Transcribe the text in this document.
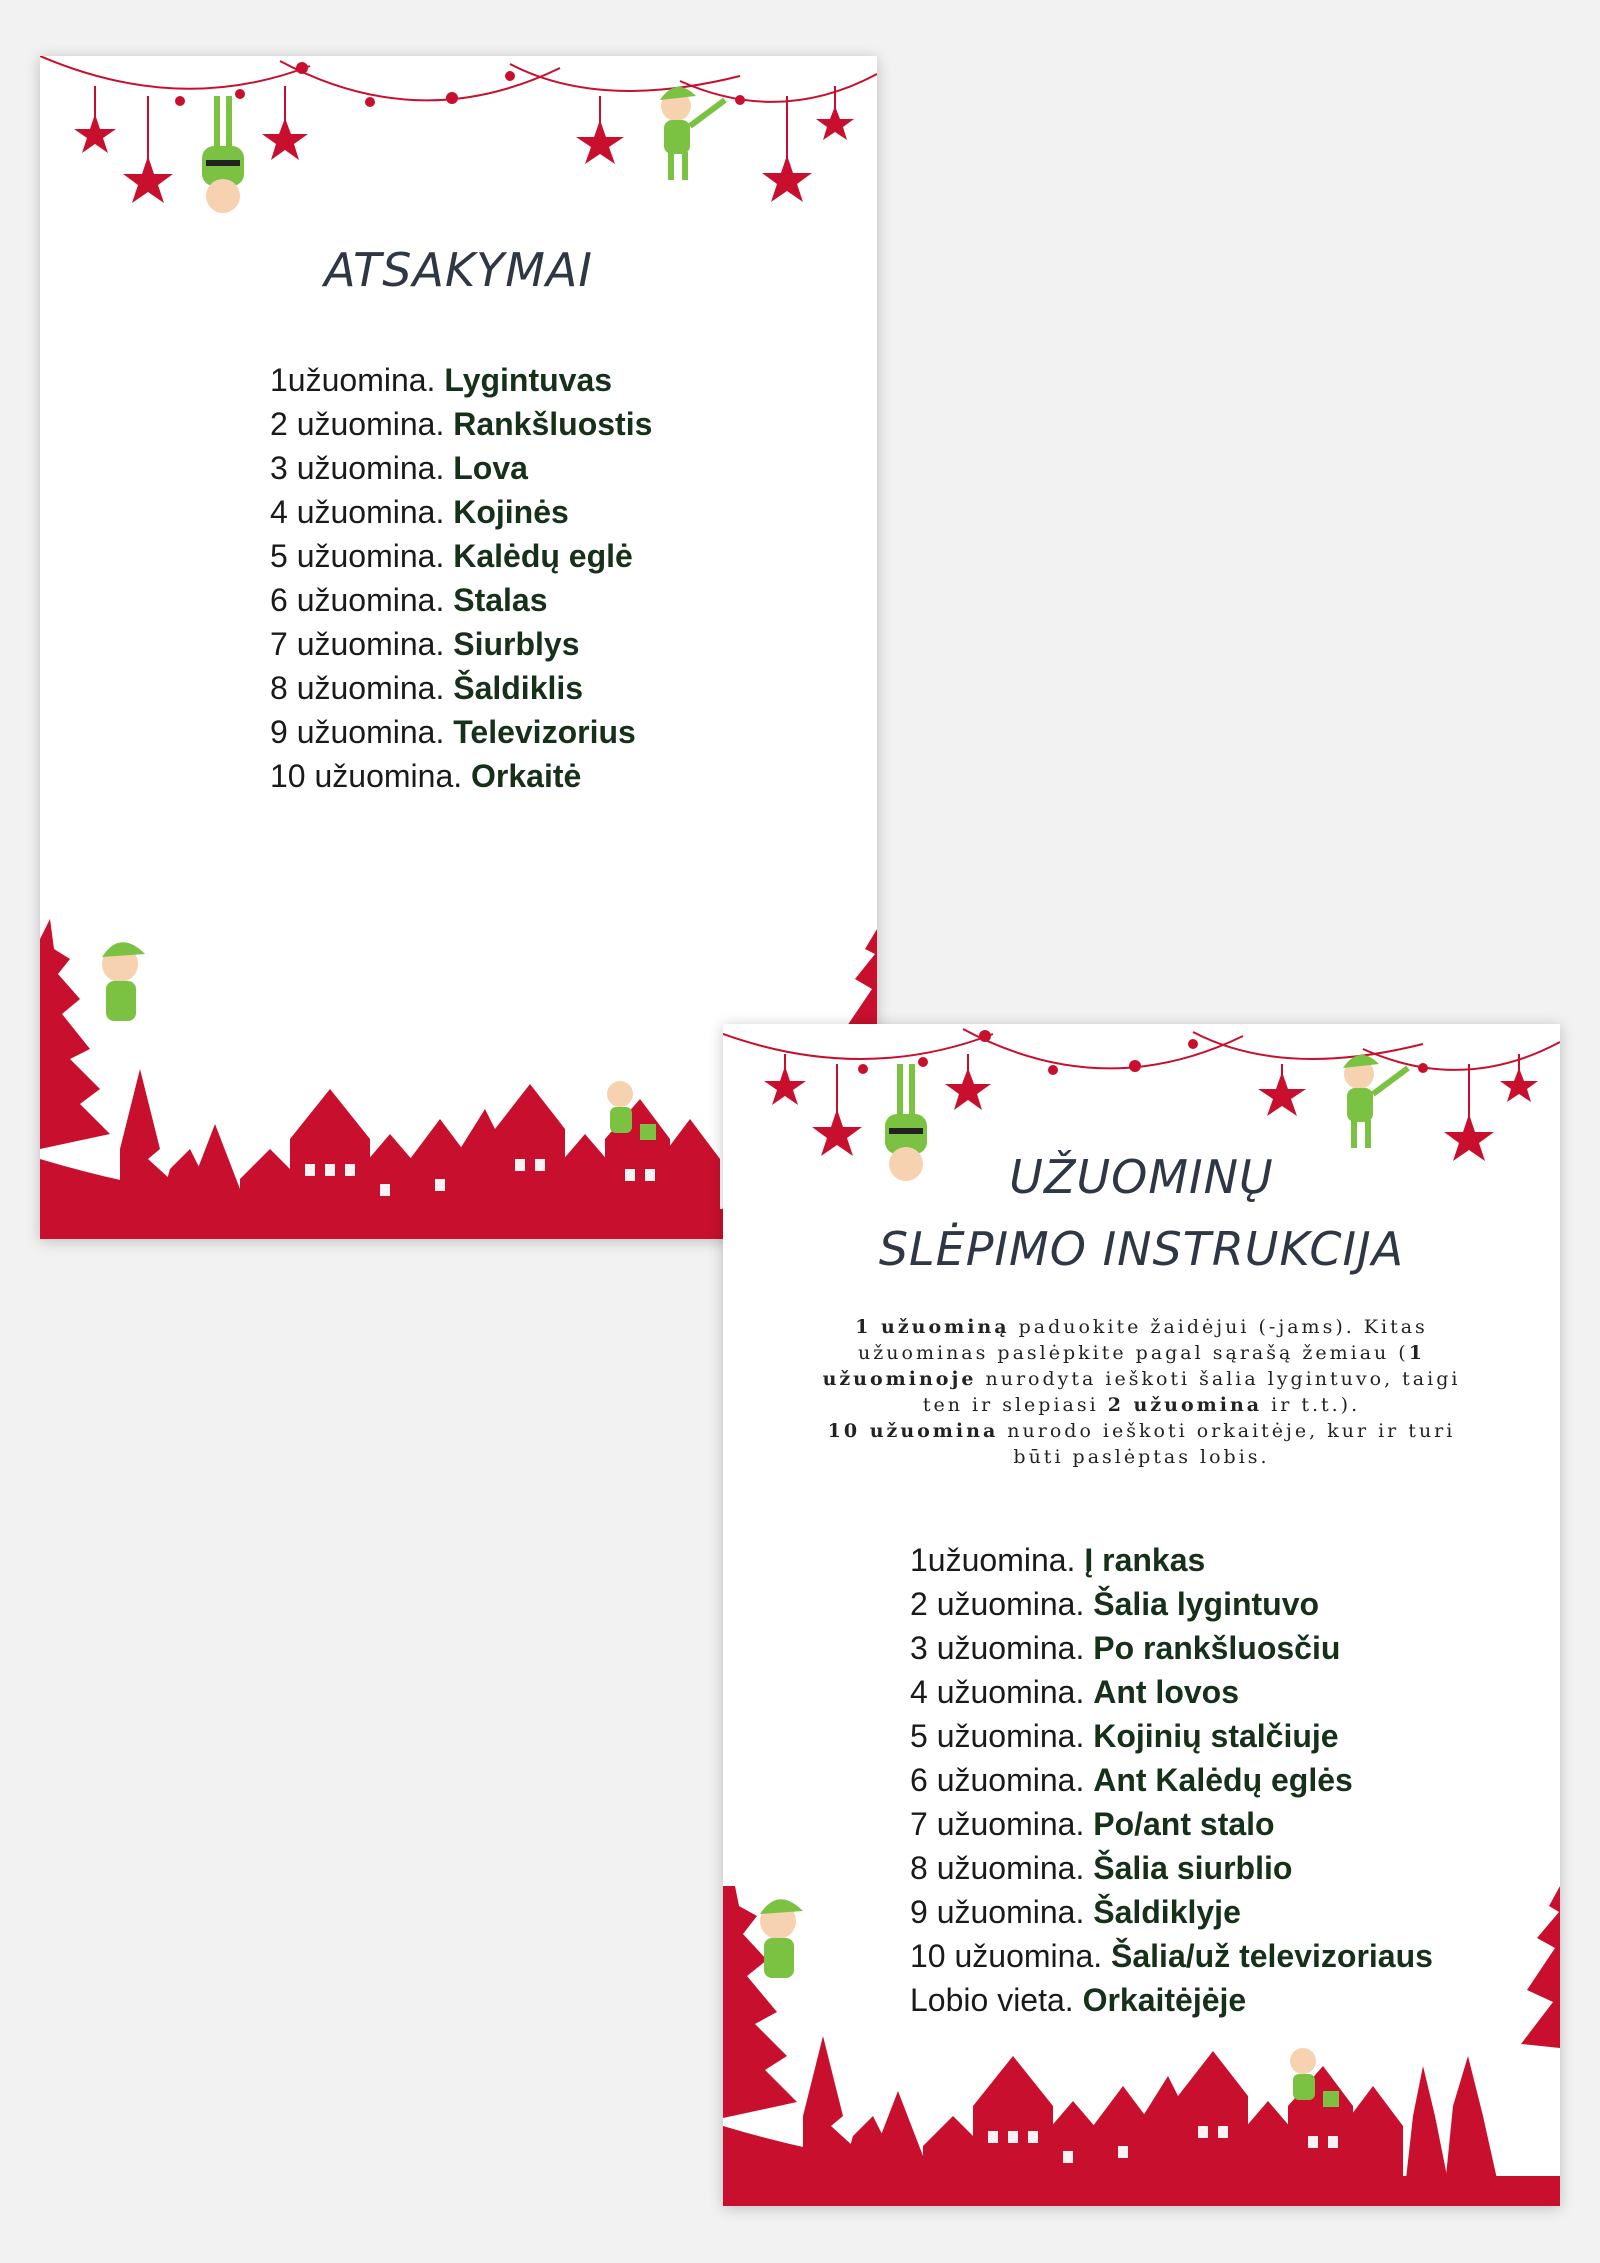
ATSAKYMAI
1užuomina. Lygintuvas
2 užuomina. Rankšluostis
3 užuomina. Lova
4 užuomina. Kojinės
5 užuomina. Kalėdų eglė
6 užuomina. Stalas
7 užuomina. Siurblys
8 užuomina. Šaldiklis
9 užuomina. Televizorius
10 užuomina. Orkaitė
UŽUOMINŲ
SLĖPIMO INSTRUKCIJA

1 užuominą paduokite žaidėjui (-jams). Kitas užuominas paslėpkite pagal sąrašą žemiau (1 užuominoje nurodyta ieškoti šalia lygintuvo, taigi ten ir slepiasi 2 užuomina ir t.t.).
10 užuomina nurodo ieškoti orkaitėje, kur ir turi būti paslėptas lobis.

1užuomina. Į rankas
2 užuomina. Šalia lygintuvo
3 užuomina. Po rankšluosčiu
4 užuomina. Ant lovos
5 užuomina. Kojinių stalčiuje
6 užuomina. Ant Kalėdų eglės
7 užuomina. Po/ant stalo
8 užuomina. Šalia siurblio
9 užuomina. Šaldiklyje
10 užuomina. Šalia/už televizoriaus
Lobio vieta. Orkaitėjėje
